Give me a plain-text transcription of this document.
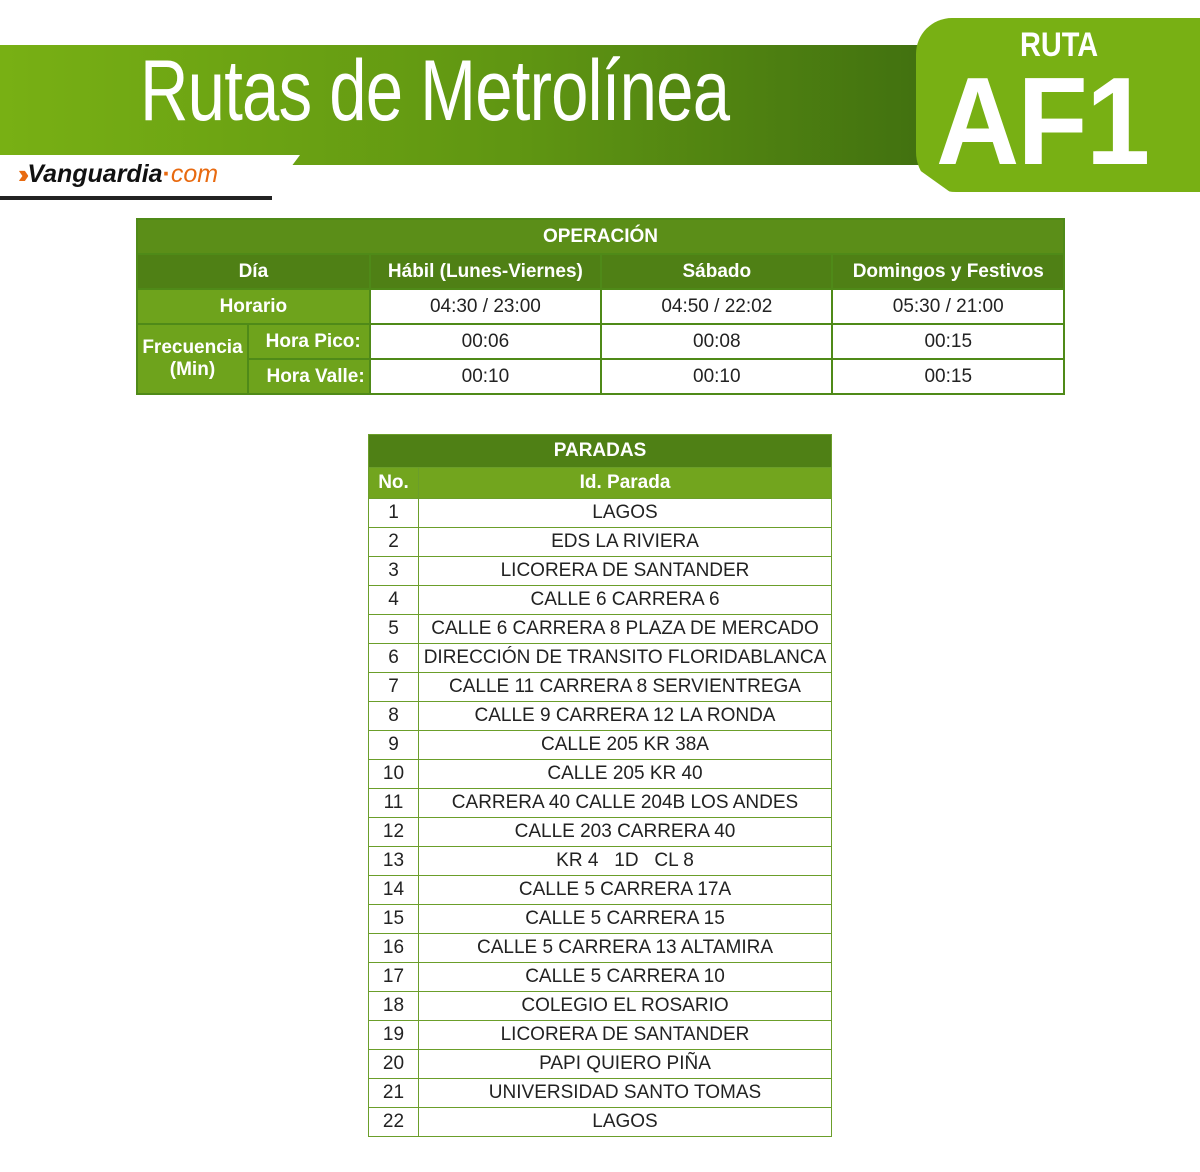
Rutas de Metrolínea
›› Vanguardia · com
RUTA
AF1
OPERACIÓN				
Día		Hábil (Lunes-Viernes)	Sábado	Domingos y Festivos
Horario		04:30 / 23:00	04:50 / 22:02	05:30 / 21:00

Frecuencia
(Min)	Hora Pico:	00:06	00:08	00:15
	Hora Valle:	00:10	00:10	00:15
PARADAS	
No.	Id. Parada
1	LAGOS
2	EDS LA RIVIERA
3	LICORERA DE SANTANDER
4	CALLE 6 CARRERA 6
5	CALLE 6 CARRERA 8 PLAZA DE MERCADO
6	DIRECCIÓN DE TRANSITO FLORIDABLANCA
7	CALLE 11 CARRERA 8 SERVIENTREGA
8	CALLE 9 CARRERA 12 LA RONDA
9	CALLE 205 KR 38A
10	CALLE 205 KR 40
11	CARRERA 40 CALLE 204B LOS ANDES
12	CALLE 203 CARRERA 40
13	KR 4   1D   CL 8
14	CALLE 5 CARRERA 17A
15	CALLE 5 CARRERA 15
16	CALLE 5 CARRERA 13 ALTAMIRA
17	CALLE 5 CARRERA 10
18	COLEGIO EL ROSARIO
19	LICORERA DE SANTANDER
20	PAPI QUIERO PIÑA
21	UNIVERSIDAD SANTO TOMAS
22	LAGOS
